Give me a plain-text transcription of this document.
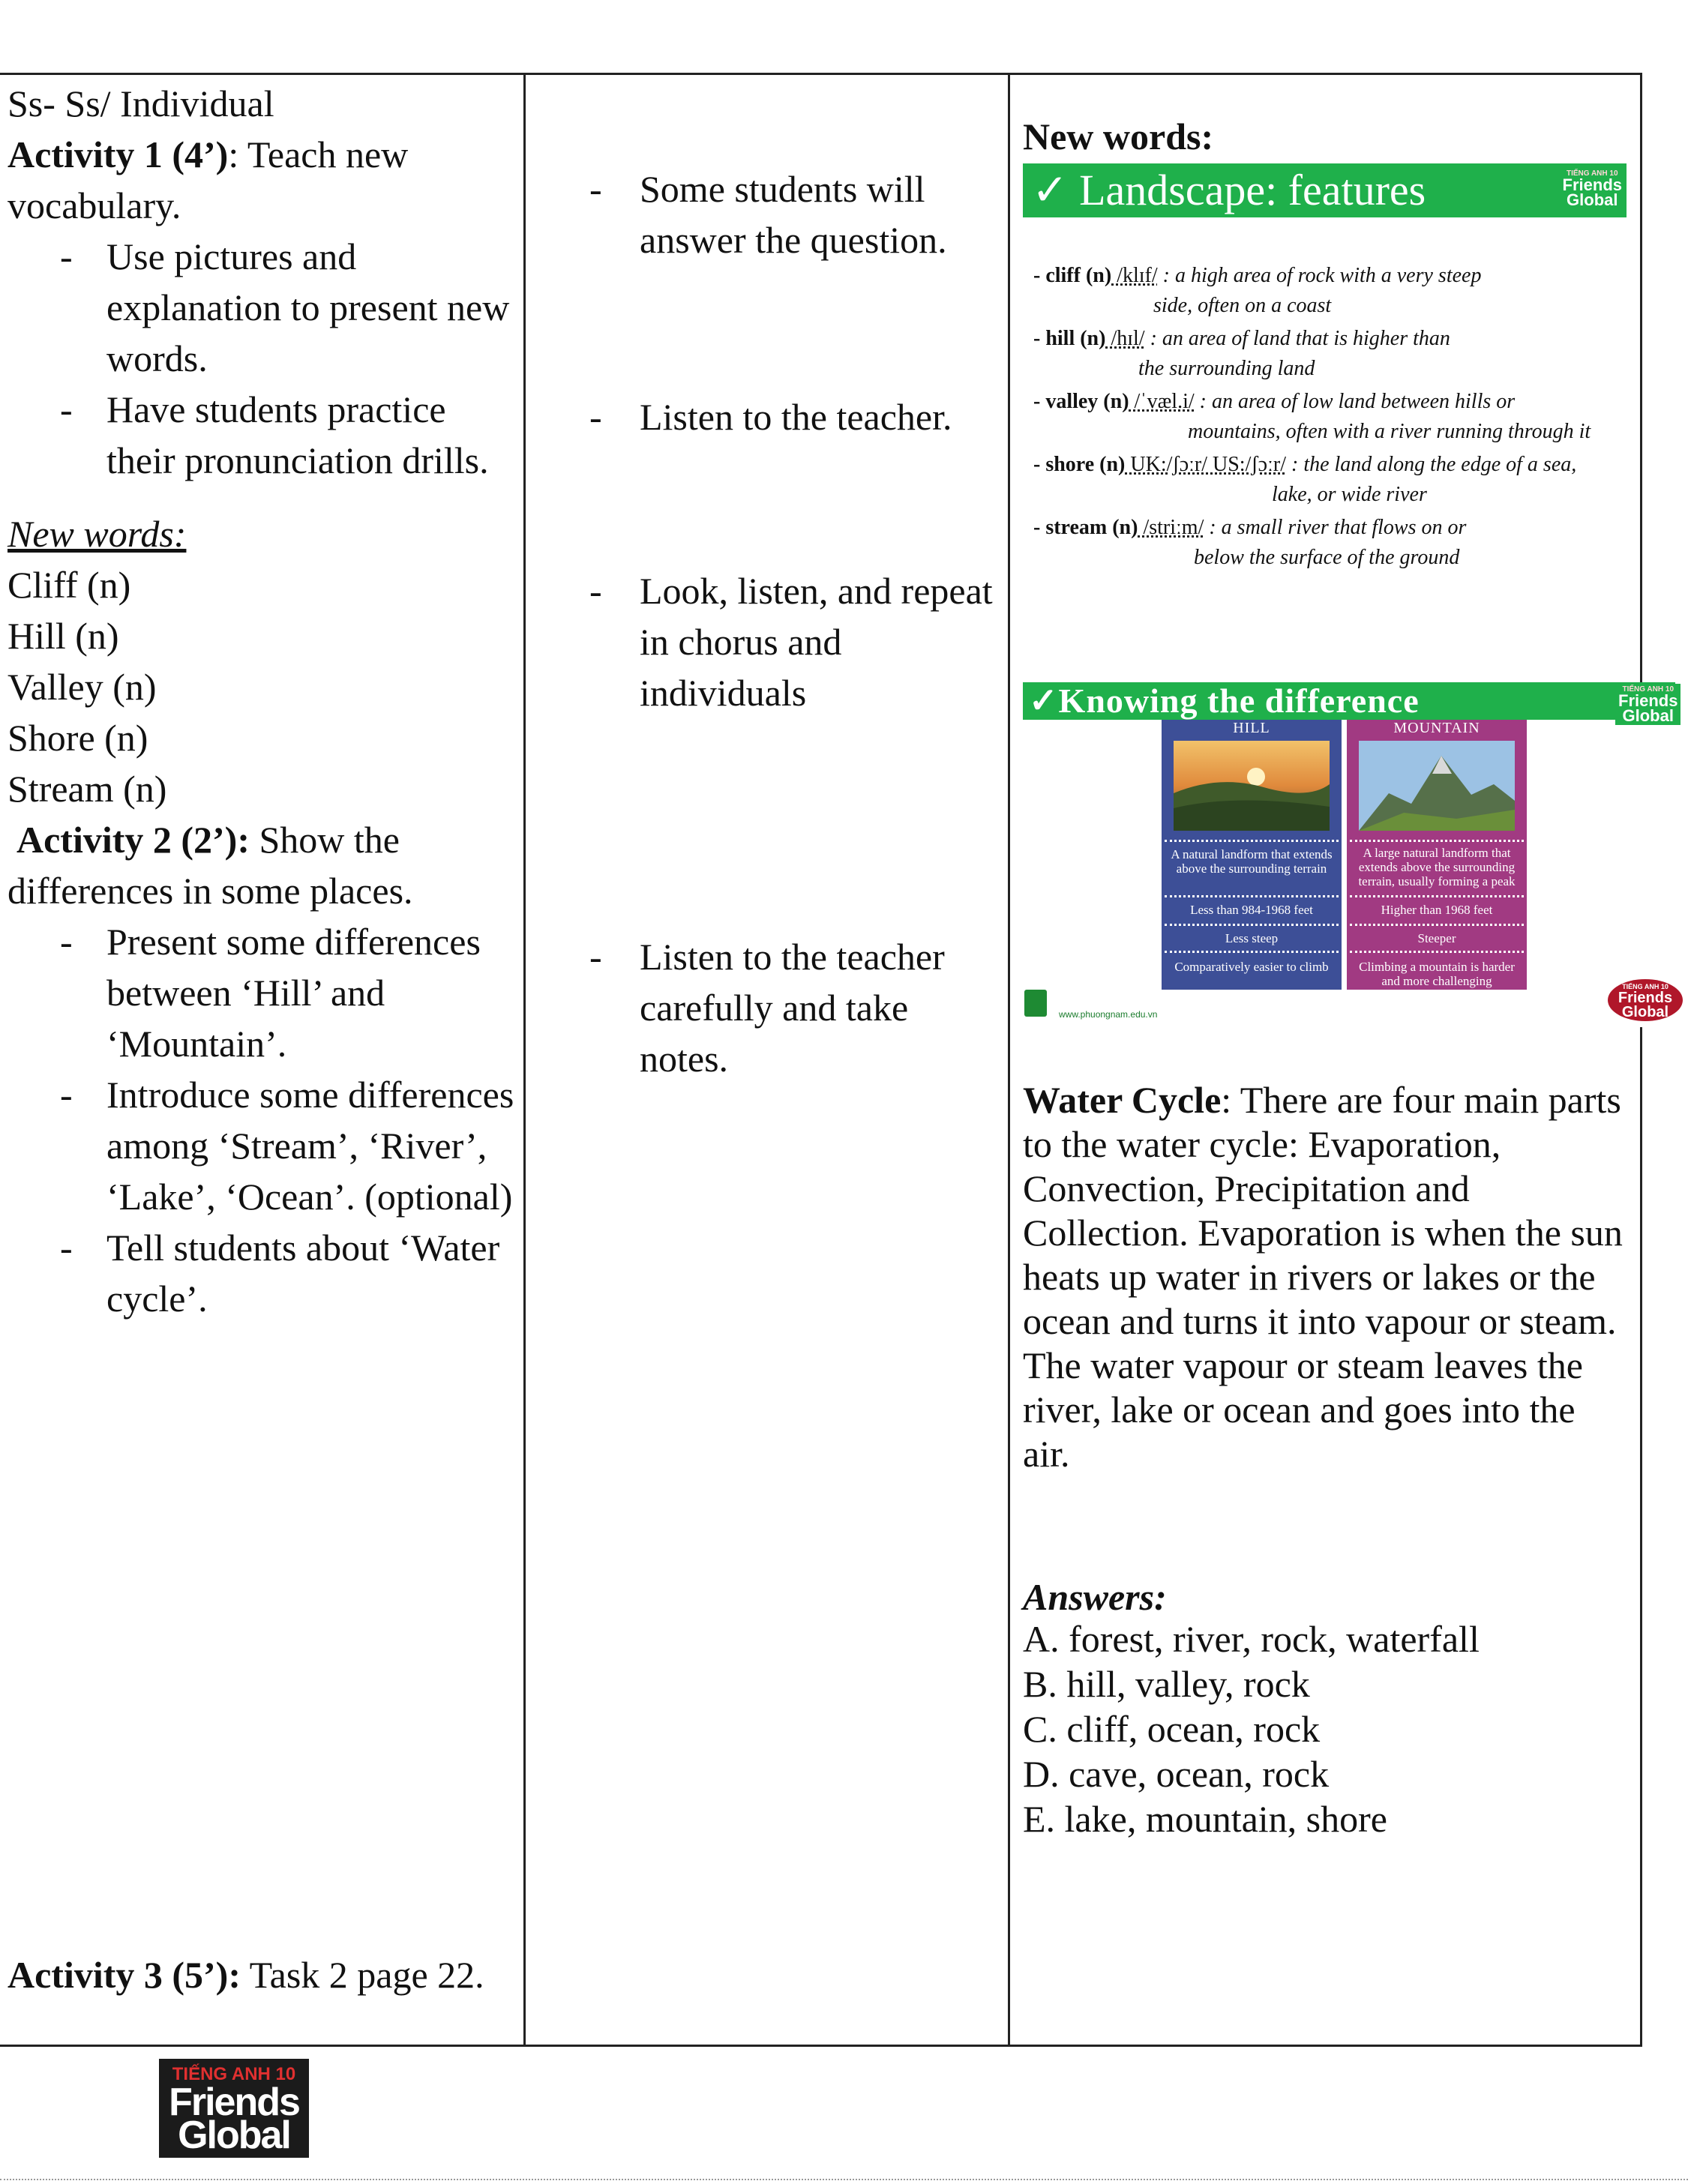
Ss- Ss/ Individual

Activity 1 (4’): Teach new vocabulary.

- Use pictures and explanation to present new words.

- Have students practice their pronunciation drills.

New words:

Cliff (n)

Hill (n)

Valley (n)

Shore (n)

Stream (n)

Activity 2 (2’): Show the differences in some places.

- Present some differences between ‘Hill’ and ‘Mountain’.

- Introduce some differences among ‘Stream’, ‘River’, ‘Lake’, ‘Ocean’. (optional)

- Tell students about ‘Water cycle’.

Activity 3 (5’): Task 2 page 22.

- Some students will answer the question.

- Listen to the teacher.

- Look, listen, and repeat in chorus and individuals

- Listen to the teacher carefully and take notes.

New words:

Water Cycle: There are four main parts to the water cycle: Evaporation, Convection, Precipitation and Collection. Evaporation is when the sun heats up water in rivers or lakes or the ocean and turns it into vapour or steam. The water vapour or steam leaves the river, lake or ocean and goes into the air.

Answers:

A. forest, river, rock, waterfall

B. hill, valley, rock

C. cliff, ocean, rock

D. cave, ocean, rock

E. lake, mountain, shore

✓ Landscape: features	TIẾNG ANH 10
Friends
Global
- cliff (n) /klɪf/ : a high area of rock with a very steep
side, often on a coast
- hill (n) /hɪl/ : an area of land that is higher than
the surrounding land
- valley (n) /ˈvæl.i/ : an area of low land between hills or
mountains, often with a river running through it
- shore (n) UK:/ʃɔːr/ US:/ʃɔːr/ : the land along the edge of a sea,
lake, or wide river
- stream (n) /striːm/ : a small river that flows on or
below the surface of the ground
✓Knowing the difference	TIẾNG ANH 10
Friends
Global
HILL
A natural landform that extends above the surrounding terrain
Less than 984-1968 feet
Less steep
Comparatively easier to climb
MOUNTAIN
A large natural landform that extends above the surrounding terrain, usually forming a peak
Higher than 1968 feet
Steeper
Climbing a mountain is harder and more challenging
www.phuongnam.edu.vn
TIẾNG ANH 10
Friends
Global
TIẾNG ANH 10
Friends
Global
